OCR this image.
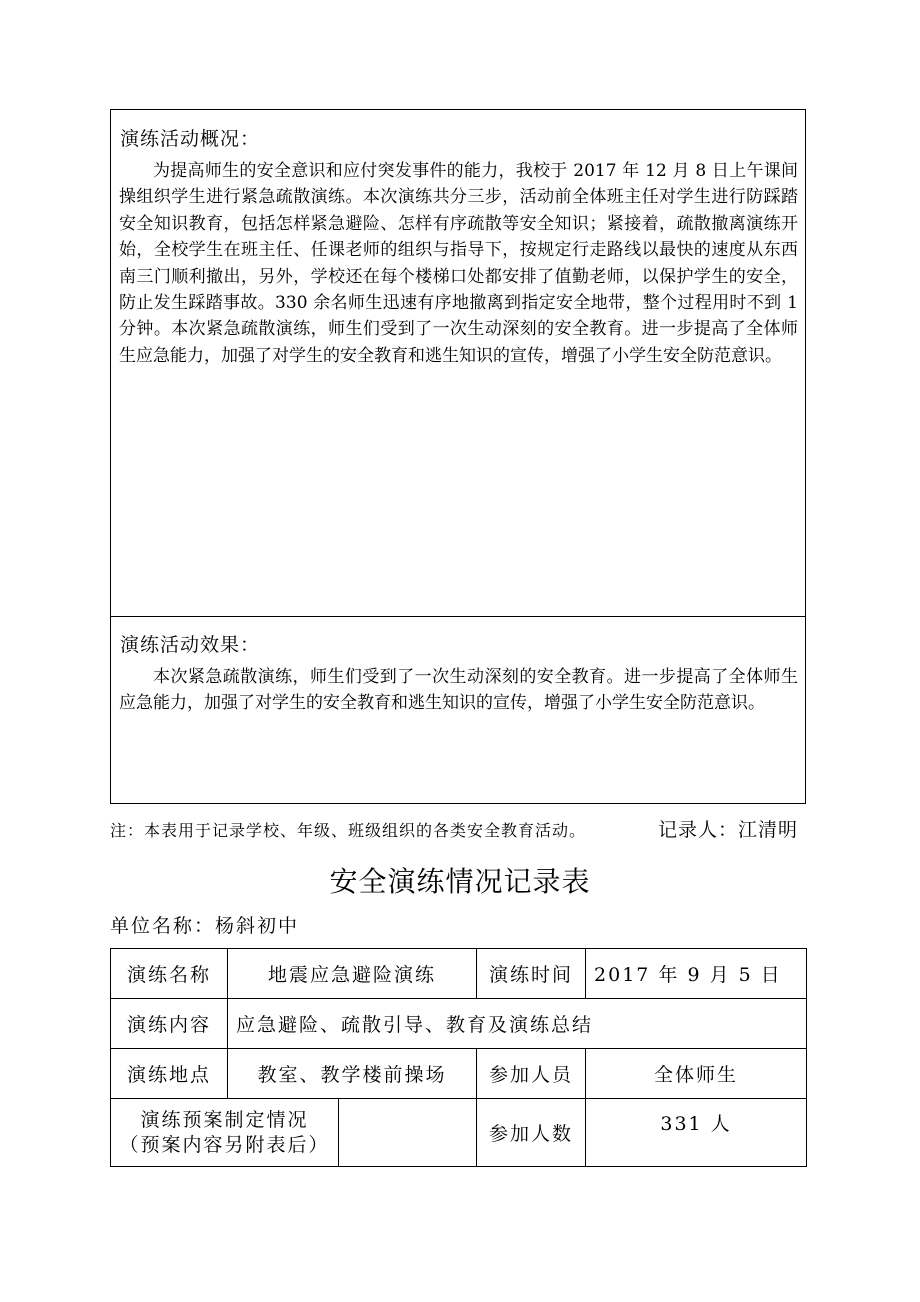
演练活动概况：
为提高师生的安全意识和应付突发事件的能力，我校于 2017 年 12 月 8 日上午课间操组织学生进行紧急疏散演练。本次演练共分三步，活动前全体班主任对学生进行防踩踏安全知识教育，包括怎样紧急避险、怎样有序疏散等安全知识；紧接着，疏散撤离演练开始，全校学生在班主任、任课老师的组织与指导下，按规定行走路线以最快的速度从东西南三门顺利撤出，另外，学校还在每个楼梯口处都安排了值勤老师，以保护学生的安全，防止发生踩踏事故。330 余名师生迅速有序地撤离到指定安全地带，整个过程用时不到 1 分钟。本次紧急疏散演练，师生们受到了一次生动深刻的安全教育。进一步提高了全体师生应急能力，加强了对学生的安全教育和逃生知识的宣传，增强了小学生安全防范意识。
演练活动效果：
本次紧急疏散演练，师生们受到了一次生动深刻的安全教育。进一步提高了全体师生应急能力，加强了对学生的安全教育和逃生知识的宣传，增强了小学生安全防范意识。
注：本表用于记录学校、年级、班级组织的各类安全教育活动。	记录人：江清明
安全演练情况记录表
单位名称：杨斜初中
演练名称	地震应急避险演练		演练时间	2017 年 9 月 5 日
演练内容	应急避险、疏散引导、教育及演练总结			
演练地点	教室、教学楼前操场		参加人员	全体师生

演练预案制定情况
（预案内容另附表后）			参加人数	331 人
